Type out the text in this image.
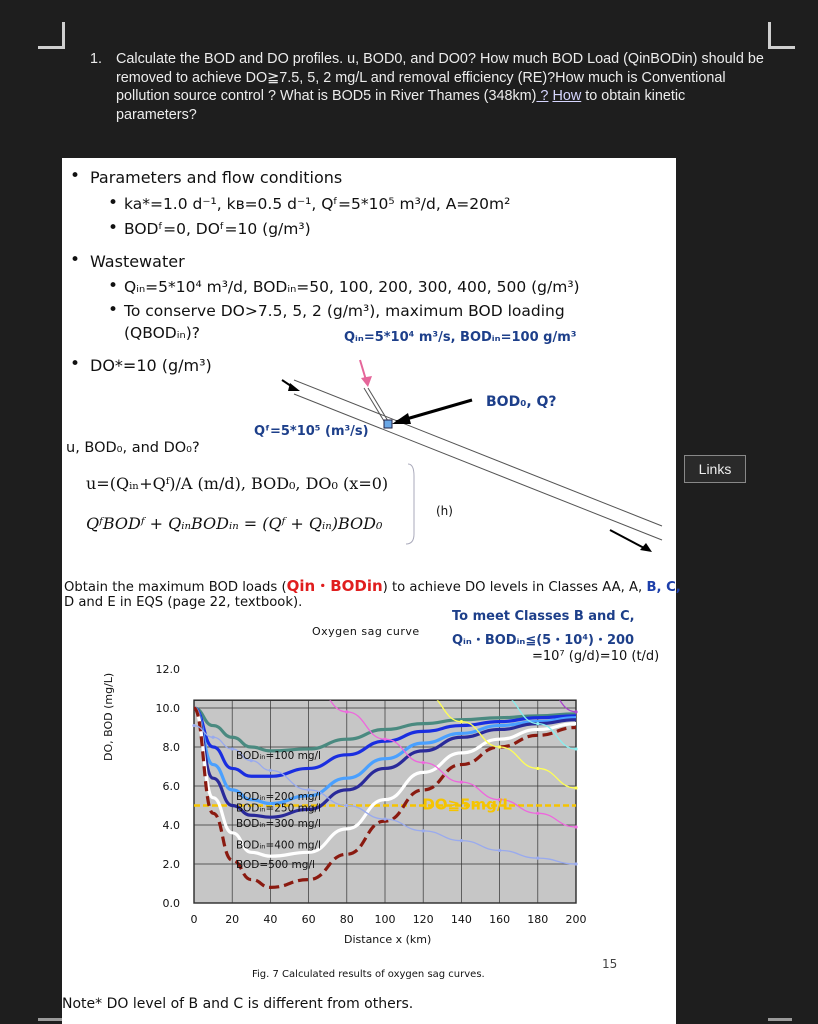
1. Calculate the BOD and DO profiles. u, BOD0, and DO0? How much BOD Load (QinBODin) should be removed to achieve DO≧7.5, 5, 2 mg/L and removal efficiency (RE)?How much is Conventional pollution source control ? What is BOD5 in River Thames (348km) ? How to obtain kinetic parameters?
Links
• Parameters and flow conditions
• ka*=1.0 d⁻¹, kʙ=0.5 d⁻¹, Qᶠ=5*10⁵ m³/d, A=20m²
• BODᶠ=0, DOᶠ=10 (g/m³)
• Wastewater
• Qᵢₙ=5*10⁴ m³/d, BODᵢₙ=50, 100, 200, 300, 400, 500 (g/m³)
• To conserve DO>7.5, 5, 2 (g/m³), maximum BOD loading
(QBODᵢₙ)?	Qᵢₙ=5*10⁴ m³/s, BODᵢₙ=100 g/m³
• DO*=10 (g/m³)
BOD₀, Q?
Qᶠ=5*10⁵ (m³/s)
u, BOD₀, and DO₀?
u=(Qᵢₙ+Qᶠ)/A (m/d), BOD₀, DO₀ (x=0)
QᶠBODᶠ + QᵢₙBODᵢₙ = (Qᶠ + Qᵢₙ)BOD₀
(h)
Obtain the maximum BOD loads (Qin・BODin) to achieve DO levels in Classes AA, A, B, C,
D and E in EQS (page 22, textbook).
To meet Classes B and C,
Qᵢₙ・BODᵢₙ≦(5・10⁴)・200
=10⁷ (g/d)=10 (t/d)
Oxygen sag curve
Distance x (km)
DO, BOD (mg/L)
Fig. 7 Calculated results of oxygen sag curves.
15
0	20 40 60 80 100 120 140 160 180 200
0.0
2.0
4.0
6.0
8.0
10.0
12.0
BODᵢₙ=100 mg/l
BODᵢₙ=200 mg/l
BODᵢₙ=250 mg/l
BODᵢₙ=300 mg/l
BODᵢₙ=400 mg/l
BOD=500 mg/l
DO≧5mg/L
Note* DO level of B and C is different from others.
